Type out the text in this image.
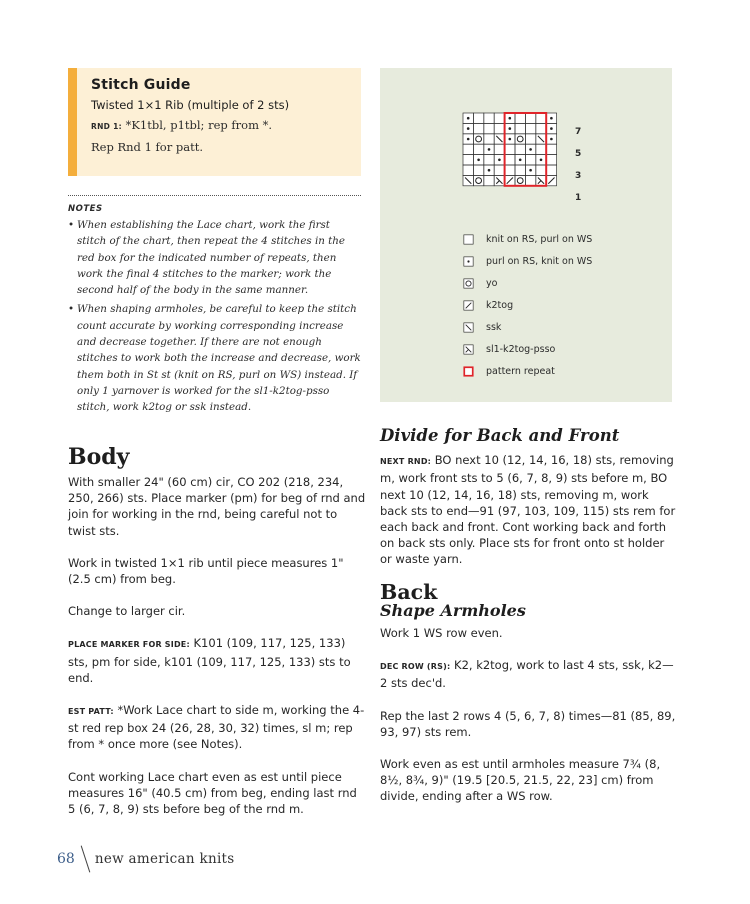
Stitch Guide
Twisted 1×1 Rib (multiple of 2 sts)
RND 1: *K1tbl, p1tbl; rep from *.
Rep Rnd 1 for patt.
NOTES
• When establishing the Lace chart, work the first stitch of the chart, then repeat the 4 stitches in the red box for the indicated number of repeats, then work the final 4 stitches to the marker; work the second half of the body in the same manner.
• When shaping armholes, be careful to keep the stitch count accurate by working corresponding increase and decrease together. If there are not enough stitches to work both the increase and decrease, work them both in St st (knit on RS, purl on WS) instead. If only 1 yarnover is worked for the sl1-k2tog-psso stitch, work k2tog or ssk instead.
7
5
3
1
knit on RS, purl on WS
purl on RS, knit on WS
yo
k2tog
ssk
sl1-k2tog-psso
pattern repeat
Body
With smaller 24" (60 cm) cir, CO 202 (218, 234, 250, 266) sts. Place marker (pm) for beg of rnd and join for working in the rnd, being careful not to twist sts.
Work in twisted 1×1 rib until piece measures 1" (2.5 cm) from beg.
Change to larger cir.
PLACE MARKER FOR SIDE: K101 (109, 117, 125, 133) sts, pm for side, k101 (109, 117, 125, 133) sts to end.
EST PATT: *Work Lace chart to side m, working the 4-st red rep box 24 (26, 28, 30, 32) times, sl m; rep from * once more (see Notes).
Cont working Lace chart even as est until piece measures 16" (40.5 cm) from beg, ending last rnd 5 (6, 7, 8, 9) sts before beg of the rnd m.
Divide for Back and Front
NEXT RND: BO next 10 (12, 14, 16, 18) sts, removing m, work front sts to 5 (6, 7, 8, 9) sts before m, BO next 10 (12, 14, 16, 18) sts, removing m, work back sts to end—91 (97, 103, 109, 115) sts rem for each back and front. Cont working back and forth on back sts only. Place sts for front onto st holder or waste yarn.
Back
Shape Armholes
Work 1 WS row even.
DEC ROW (RS): K2, k2tog, work to last 4 sts, ssk, k2—2 sts dec'd.
Rep the last 2 rows 4 (5, 6, 7, 8) times—81 (85, 89, 93, 97) sts rem.
Work even as est until armholes measure 7¾ (8, 8½, 8¾, 9)" (19.5 [20.5, 21.5, 22, 23] cm) from divide, ending after a WS row.
68 new american knits
